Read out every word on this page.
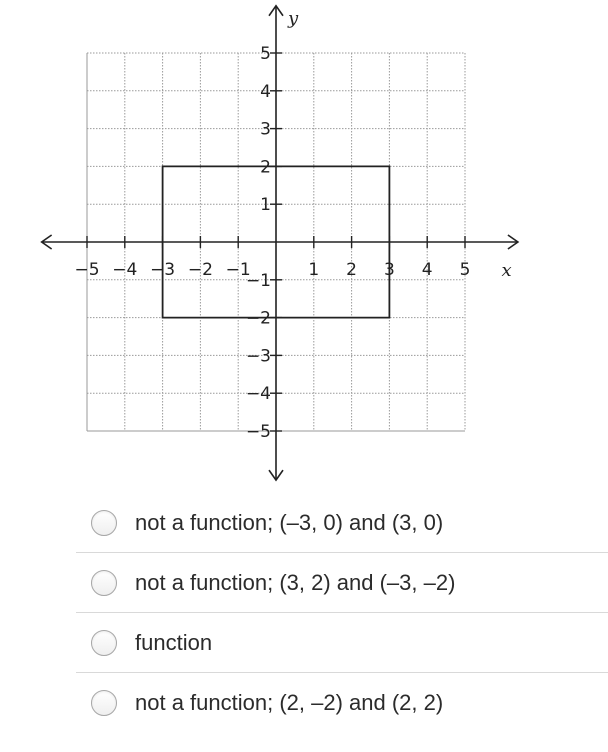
−5 −4 −3 −2 −1	1 2 3 4 5
5
4
3
2
1
−1
−2
−3
−4
−5
x
y
not a function; (–3, 0) and (3, 0)
not a function; (3, 2) and (–3, –2)
function
not a function; (2, –2) and (2, 2)
